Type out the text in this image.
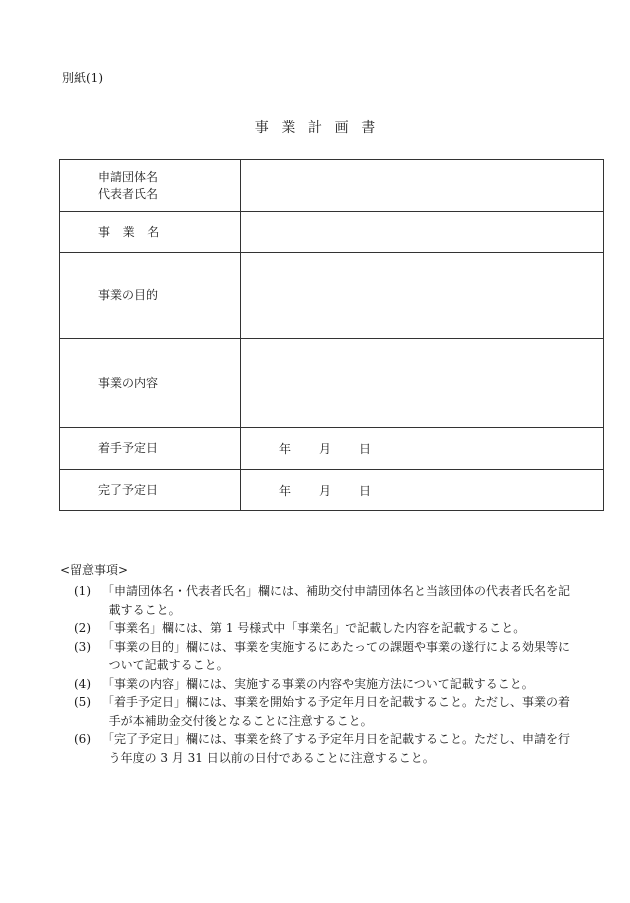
別紙(1)
事業計画書
申請団体名
代表者氏名	

事業名	
事業の目的	
事業の内容	
着手予定日	年 月 日
完了予定日	年 月 日
<留意事項>
(1) 「申請団体名・代表者氏名」欄には、補助交付申請団体名と当該団体の代表者氏名を記載すること。
(2) 「事業名」欄には、第 1 号様式中「事業名」で記載した内容を記載すること。
(3) 「事業の目的」欄には、事業を実施するにあたっての課題や事業の遂行による効果等について記載すること。
(4) 「事業の内容」欄には、実施する事業の内容や実施方法について記載すること。
(5) 「着手予定日」欄には、事業を開始する予定年月日を記載すること。ただし、事業の着手が本補助金交付後となることに注意すること。
(6) 「完了予定日」欄には、事業を終了する予定年月日を記載すること。ただし、申請を行う年度の 3 月 31 日以前の日付であることに注意すること。
